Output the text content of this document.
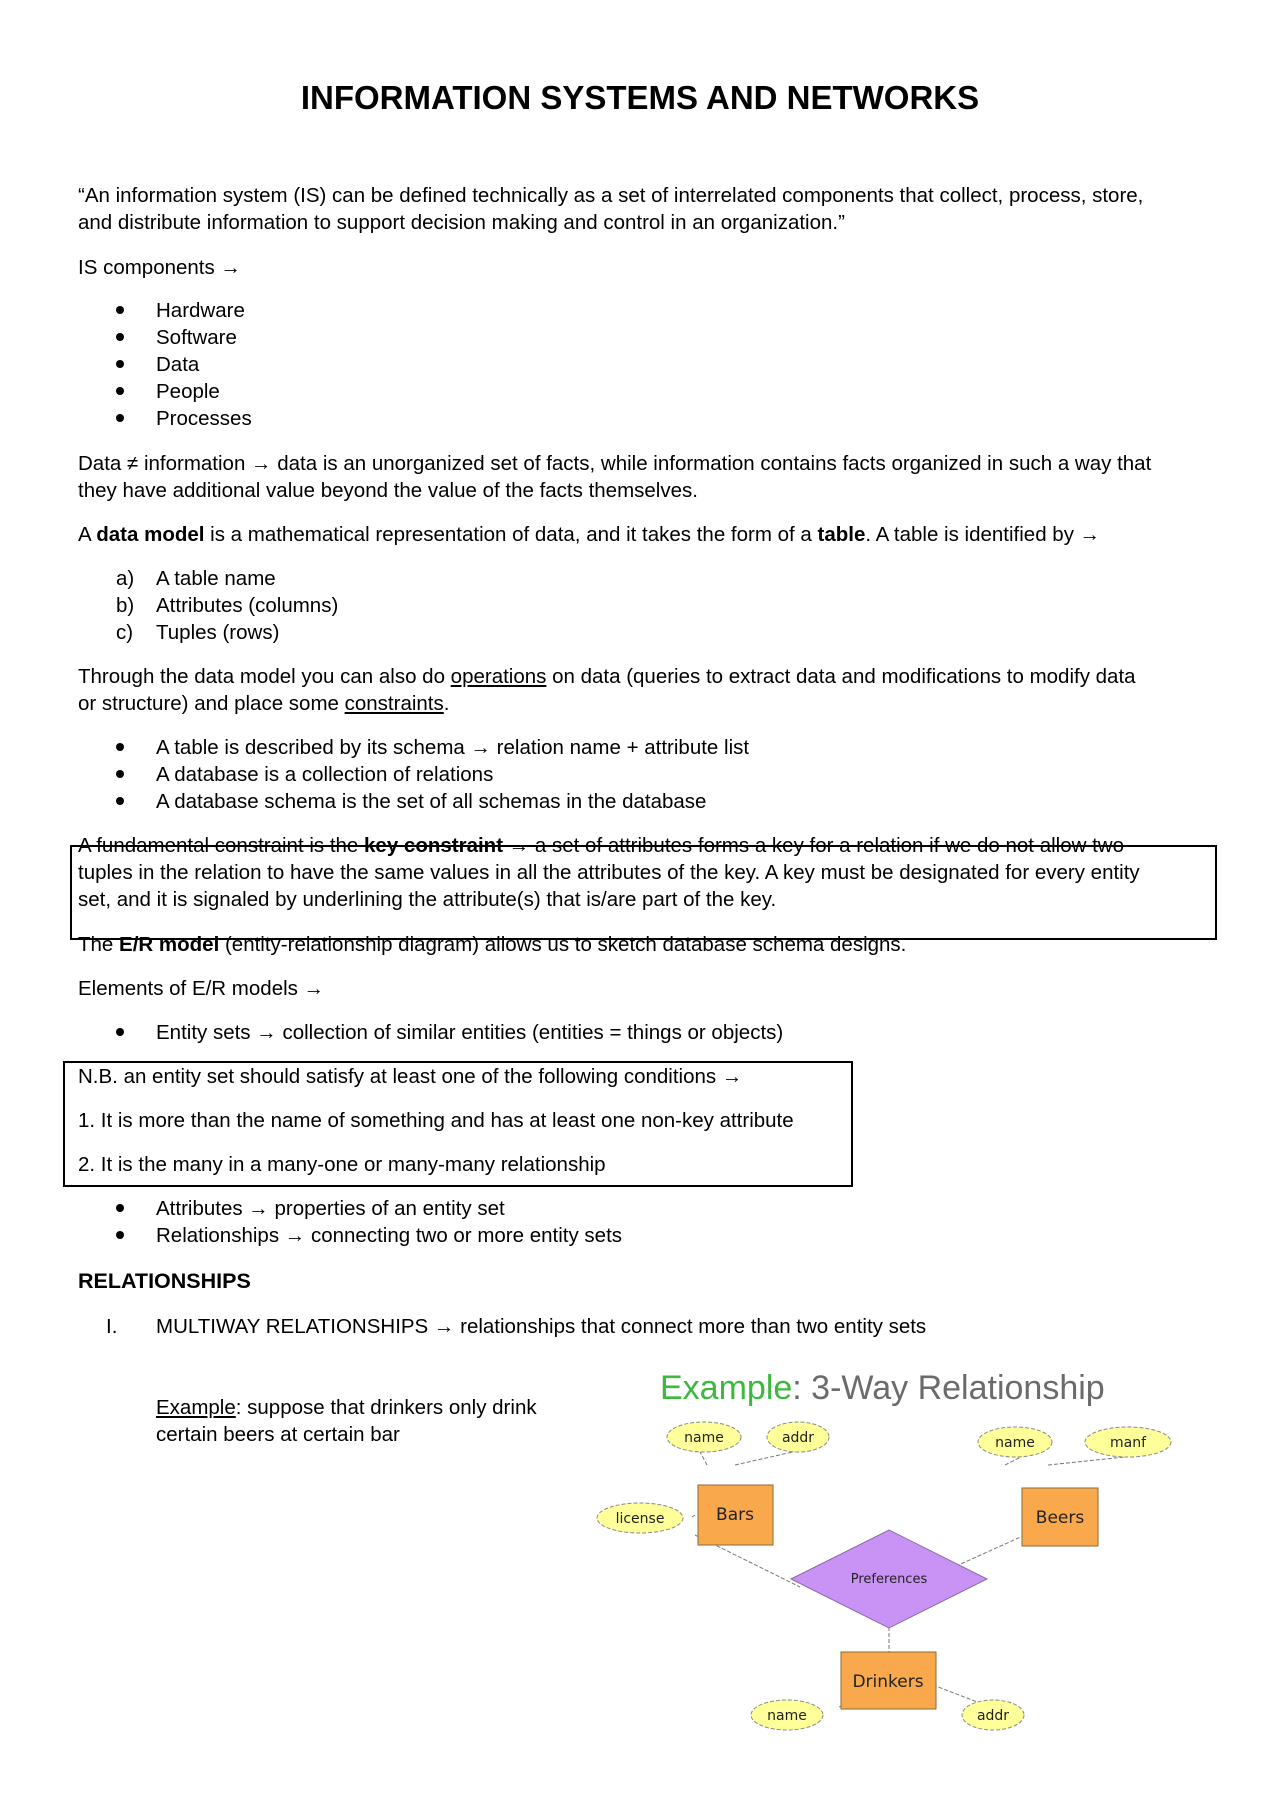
INFORMATION SYSTEMS AND NETWORKS
“An information system (IS) can be defined technically as a set of interrelated components that collect, process, store,
and distribute information to support decision making and control in an organization.”
IS components →
Hardware
Software
Data
People
Processes
Data ≠ information → data is an unorganized set of facts, while information contains facts organized in such a way that
they have additional value beyond the value of the facts themselves.
A data model is a mathematical representation of data, and it takes the form of a table. A table is identified by →
a) A table name
b) Attributes (columns)
c) Tuples (rows)
Through the data model you can also do operations on data (queries to extract data and modifications to modify data
or structure) and place some constraints.
A table is described by its schema → relation name + attribute list
A database is a collection of relations
A database schema is the set of all schemas in the database
A fundamental constraint is the key constraint → a set of attributes forms a key for a relation if we do not allow two
tuples in the relation to have the same values in all the attributes of the key. A key must be designated for every entity
set, and it is signaled by underlining the attribute(s) that is/are part of the key.
The E/R model (entity-relationship diagram) allows us to sketch database schema designs.
Elements of E/R models →
Entity sets → collection of similar entities (entities = things or objects)
N.B. an entity set should satisfy at least one of the following conditions →
1. It is more than the name of something and has at least one non-key attribute
2. It is the many in a many-one or many-many relationship
Attributes → properties of an entity set
Relationships → connecting two or more entity sets
RELATIONSHIPS
I. MULTIWAY RELATIONSHIPS → relationships that connect more than two entity sets
Example: suppose that drinkers only drink
certain beers at certain bar
Example: 3-Way Relationship
name	addr
license
name	manf
name	addr
Bars	Beers
Drinkers
Preferences
